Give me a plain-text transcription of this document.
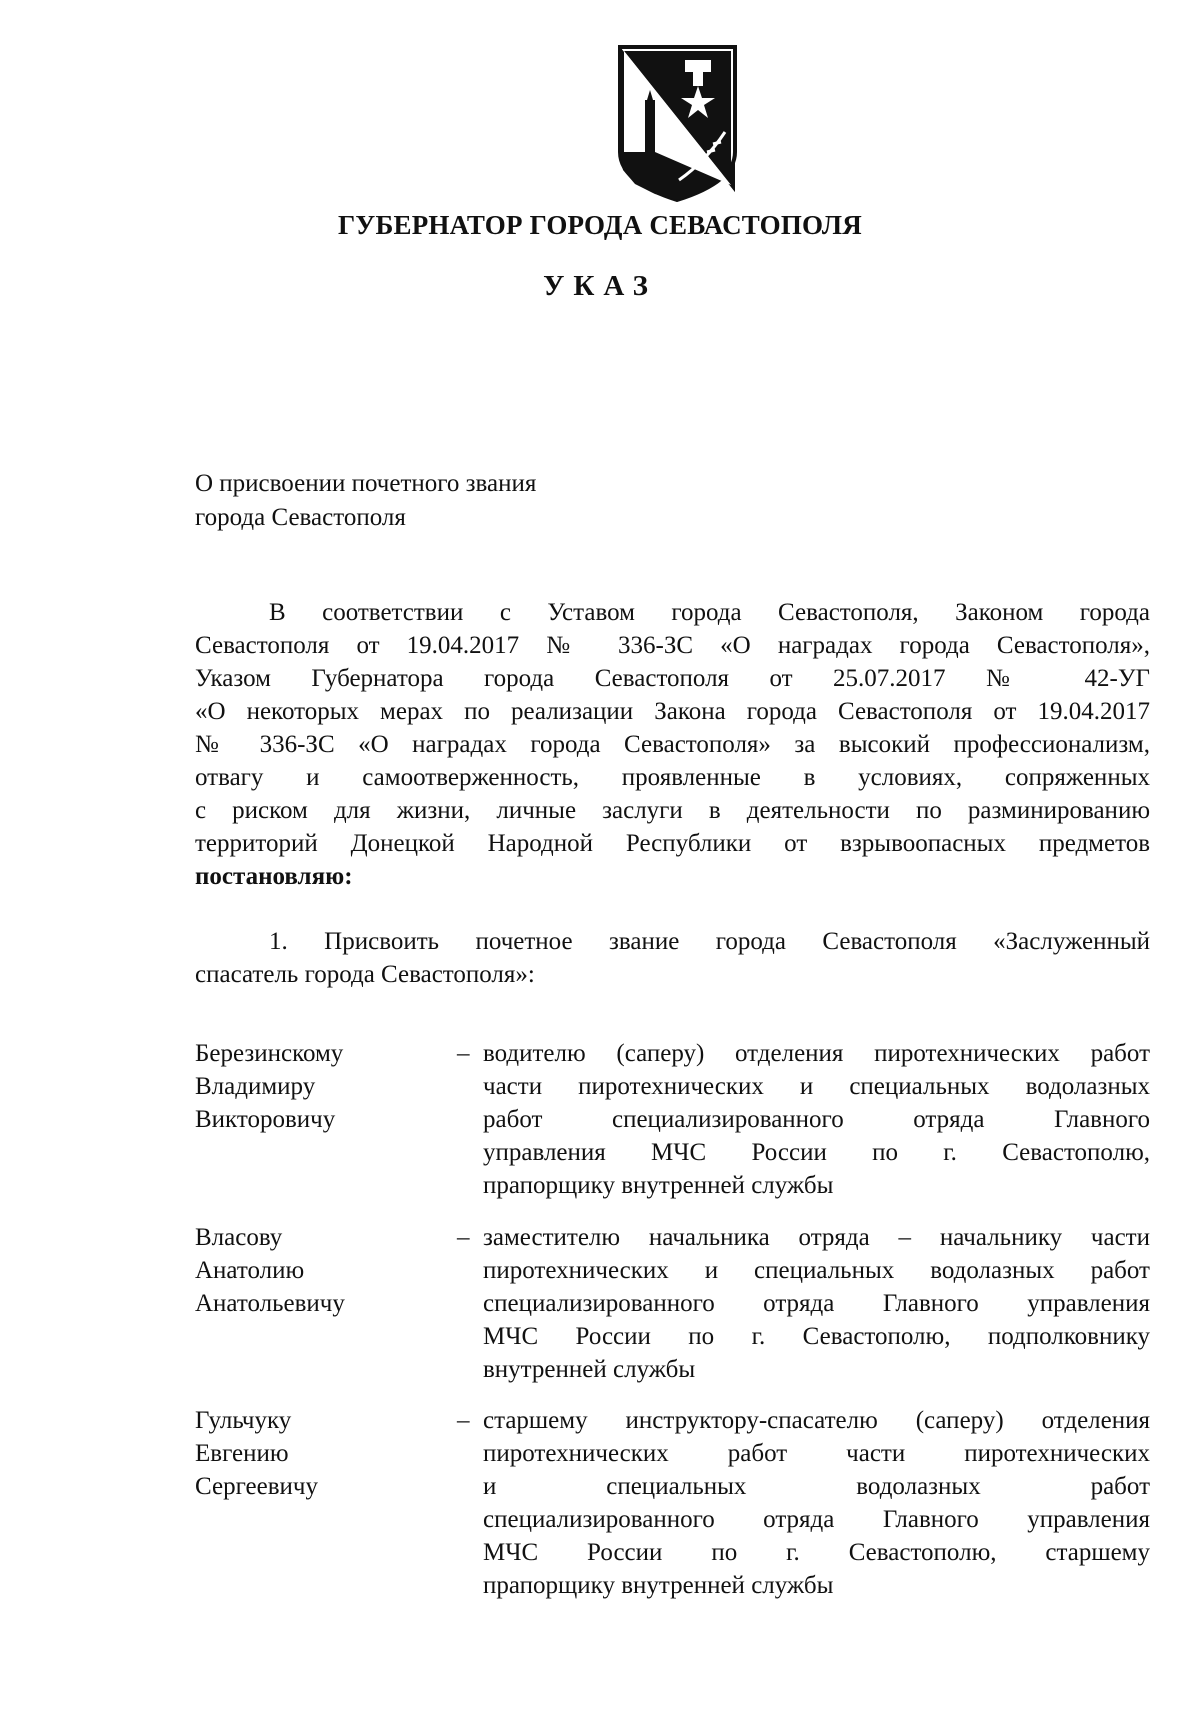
ГУБЕРНАТОР ГОРОДА СЕВАСТОПОЛЯ
УКАЗ
О присвоении почетного звания
города Севастополя
В соответствии с Уставом города Севастополя, Законом города
Севастополя от 19.04.2017 № 336-ЗС «О наградах города Севастополя»,
Указом Губернатора города Севастополя от 25.07.2017 № 42-УГ
«О некоторых мерах по реализации Закона города Севастополя от 19.04.2017
№ 336-ЗС «О наградах города Севастополя» за высокий профессионализм,
отвагу и самоотверженность, проявленные в условиях, сопряженных
с риском для жизни, личные заслуги в деятельности по разминированию
территорий Донецкой Народной Республики от взрывоопасных предметов
постановляю:
1. Присвоить почетное звание города Севастополя «Заслуженный
спасатель города Севастополя»:
Березинскому
Владимиру
Викторовичу
– водителю (саперу) отделения пиротехнических работ
части пиротехнических и специальных водолазных
работ специализированного отряда Главного
управления МЧС России по г. Севастополю,
прапорщику внутренней службы
Власову
Анатолию
Анатольевичу
– заместителю начальника отряда – начальнику части
пиротехнических и специальных водолазных работ
специализированного отряда Главного управления
МЧС России по г. Севастополю, подполковнику
внутренней службы
Гульчуку
Евгению
Сергеевичу
– старшему инструктору-спасателю (саперу) отделения
пиротехнических работ части пиротехнических
и специальных водолазных работ
специализированного отряда Главного управления
МЧС России по г. Севастополю, старшему
прапорщику внутренней службы
